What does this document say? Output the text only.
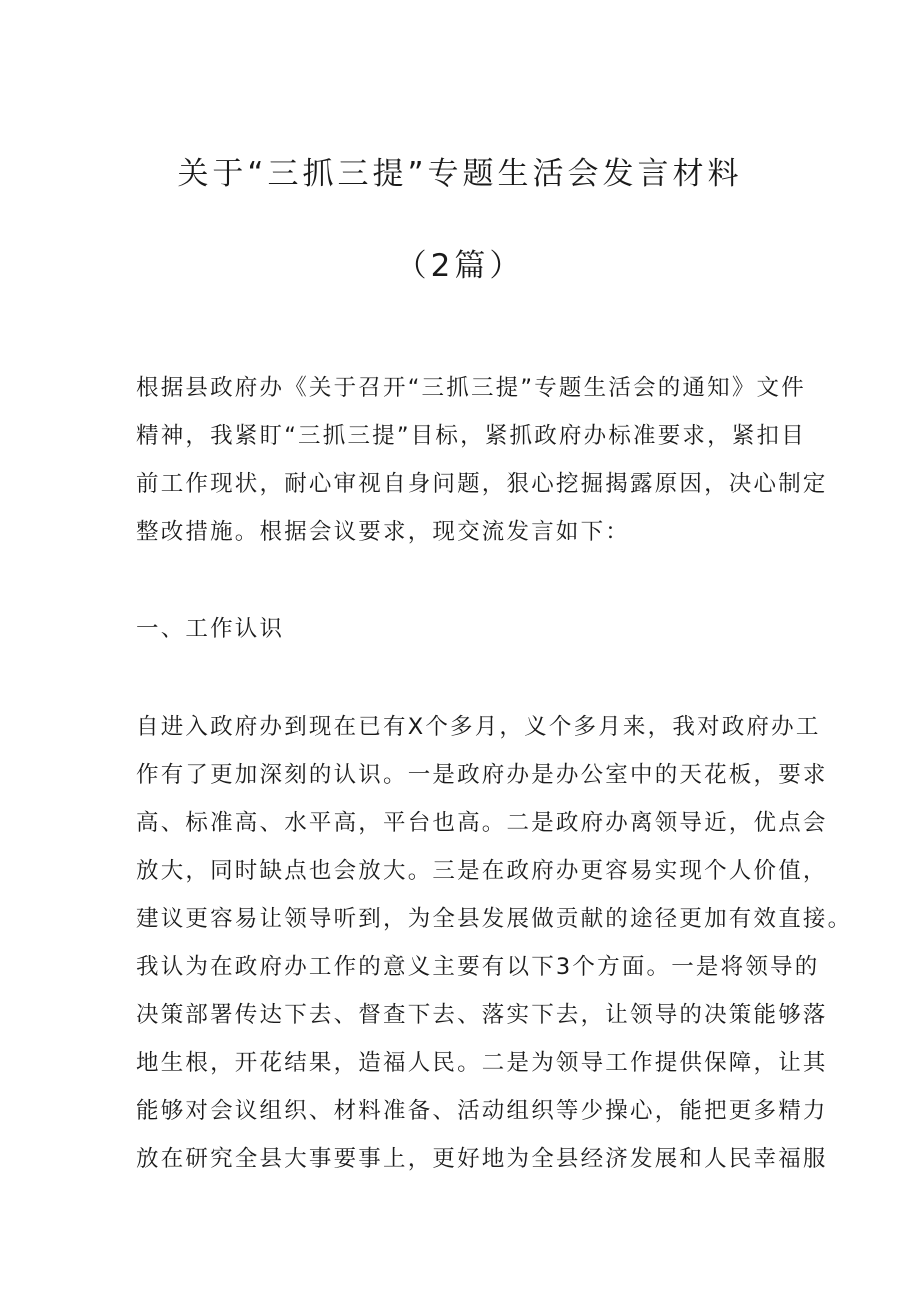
关于“三抓三提”专题生活会发言材料
（2篇）
根据县政府办《关于召开“三抓三提”专题生活会的通知》文件
精神，我紧盯“三抓三提”目标，紧抓政府办标准要求，紧扣目
前工作现状，耐心审视自身问题，狠心挖掘揭露原因，决心制定
整改措施。根据会议要求，现交流发言如下：
一、工作认识
自进入政府办到现在已有X个多月，义个多月来，我对政府办工
作有了更加深刻的认识。一是政府办是办公室中的天花板，要求
高、标准高、水平高，平台也高。二是政府办离领导近，优点会
放大，同时缺点也会放大。三是在政府办更容易实现个人价值，
建议更容易让领导听到，为全县发展做贡献的途径更加有效直接。
我认为在政府办工作的意义主要有以下3个方面。一是将领导的
决策部署传达下去、督查下去、落实下去，让领导的决策能够落
地生根，开花结果，造福人民。二是为领导工作提供保障，让其
能够对会议组织、材料准备、活动组织等少操心，能把更多精力
放在研究全县大事要事上，更好地为全县经济发展和人民幸福服
